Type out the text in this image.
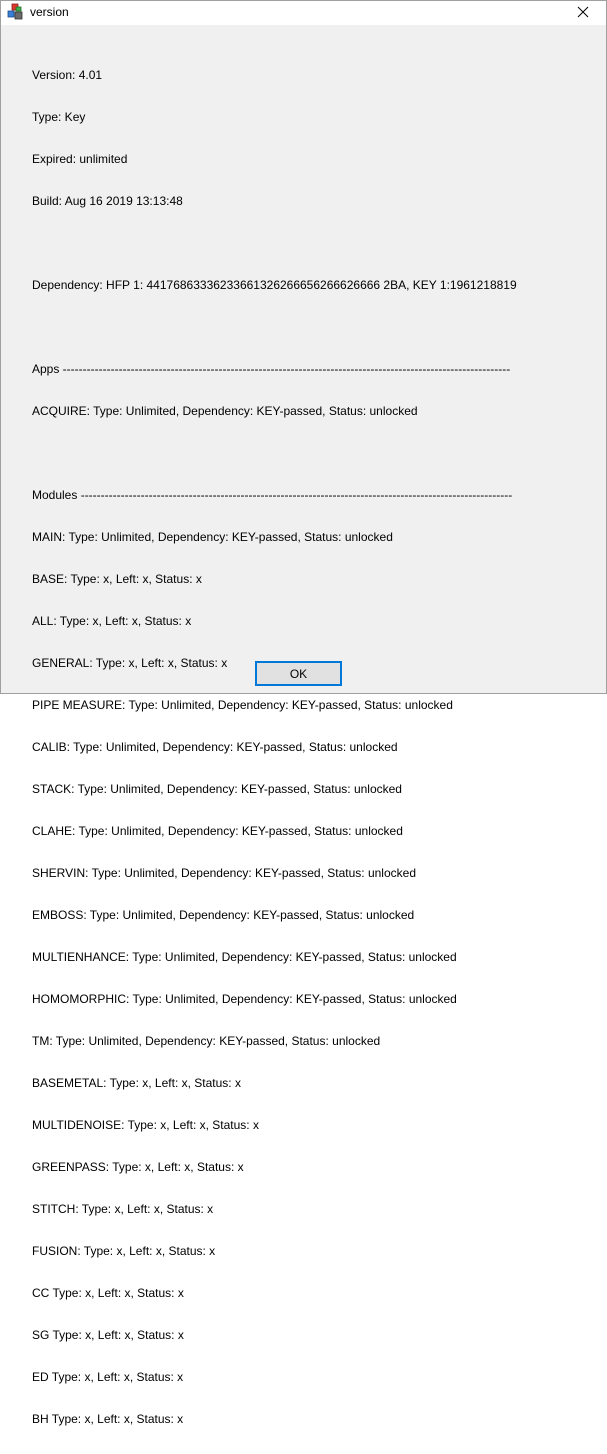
version

Version: 4.01

Type: Key

Expired: unlimited

Build: Aug 16 2019 13:13:48

Dependency: HFP 1: 44176863336233661326266656266626666 2BA, KEY 1:1961218819

Apps ----------------------------------------------------------------------------------------------------------------

ACQUIRE: Type: Unlimited, Dependency: KEY-passed, Status: unlocked

Modules ------------------------------------------------------------------------------------------------------------

MAIN: Type: Unlimited, Dependency: KEY-passed, Status: unlocked

BASE: Type: x, Left: x, Status: x

ALL: Type: x, Left: x, Status: x

GENERAL: Type: x, Left: x, Status: x

PIPE MEASURE: Type: Unlimited, Dependency: KEY-passed, Status: unlocked

CALIB: Type: Unlimited, Dependency: KEY-passed, Status: unlocked

STACK: Type: Unlimited, Dependency: KEY-passed, Status: unlocked

CLAHE: Type: Unlimited, Dependency: KEY-passed, Status: unlocked

SHERVIN: Type: Unlimited, Dependency: KEY-passed, Status: unlocked

EMBOSS: Type: Unlimited, Dependency: KEY-passed, Status: unlocked

MULTIENHANCE: Type: Unlimited, Dependency: KEY-passed, Status: unlocked

HOMOMORPHIC: Type: Unlimited, Dependency: KEY-passed, Status: unlocked

TM: Type: Unlimited, Dependency: KEY-passed, Status: unlocked

BASEMETAL: Type: x, Left: x, Status: x

MULTIDENOISE: Type: x, Left: x, Status: x

GREENPASS: Type: x, Left: x, Status: x

STITCH: Type: x, Left: x, Status: x

FUSION: Type: x, Left: x, Status: x

CC Type: x, Left: x, Status: x

SG Type: x, Left: x, Status: x

ED Type: x, Left: x, Status: x

BH Type: x, Left: x, Status: x

OK
